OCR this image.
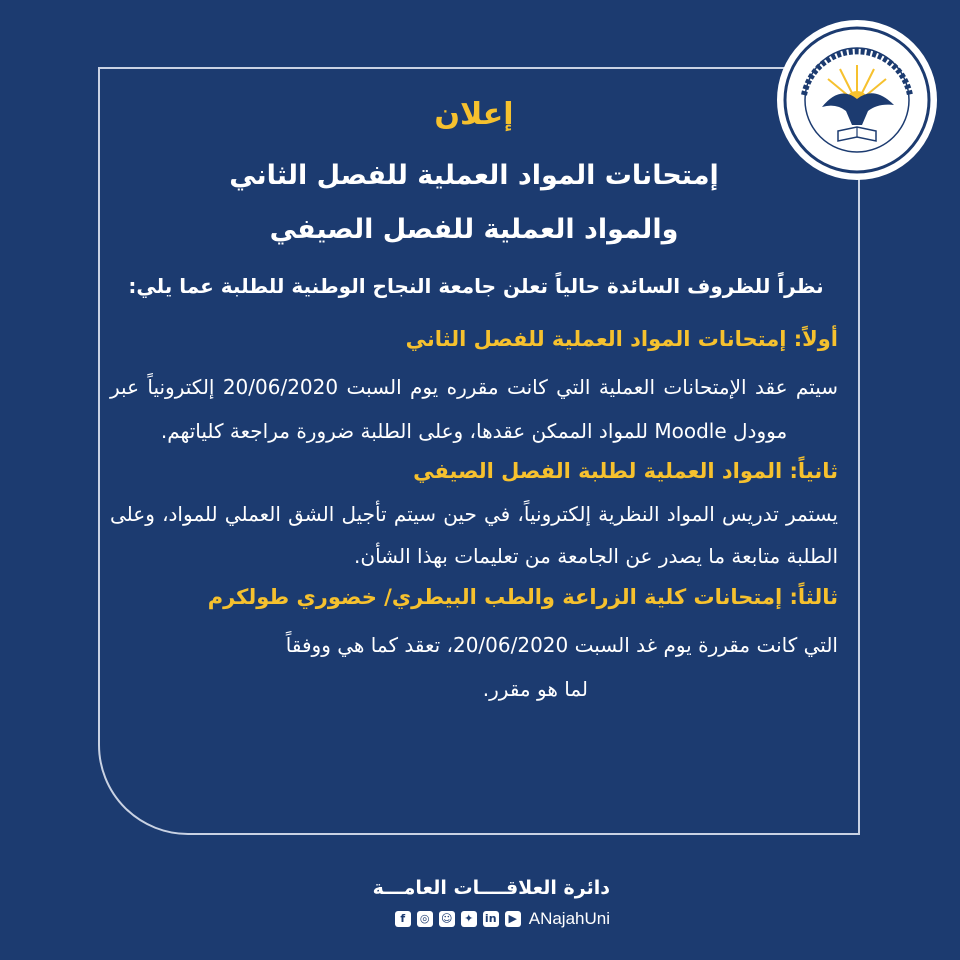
إعلان
إمتحانات المواد العملية للفصل الثاني
والمواد العملية للفصل الصيفي
نظراً للظروف السائدة حالياً تعلن جامعة النجاح الوطنية للطلبة عما يلي:
أولاً: إمتحانات المواد العملية للفصل الثاني
سيتم عقد الإمتحانات العملية التي كانت مقرره يوم السبت 20/06/2020 إلكترونياً عبر موودل Moodle للمواد الممكن عقدها، وعلى الطلبة ضرورة مراجعة كلياتهم.
ثانياً: المواد العملية لطلبة الفصل الصيفي
يستمر تدريس المواد النظرية إلكترونياً، في حين سيتم تأجيل الشق العملي للمواد، وعلى الطلبة متابعة ما يصدر عن الجامعة من تعليمات بهذا الشأن.
ثالثاً: إمتحانات كلية الزراعة والطب البيطري/ خضوري طولكرم
التي كانت مقررة يوم غد السبت 20/06/2020، تعقد كما هي ووفقاً
لما هو مقرر.
دائرة العلاقــــات العامـــة
f	◎ ☺	✦	in	▶ ANajahUni
